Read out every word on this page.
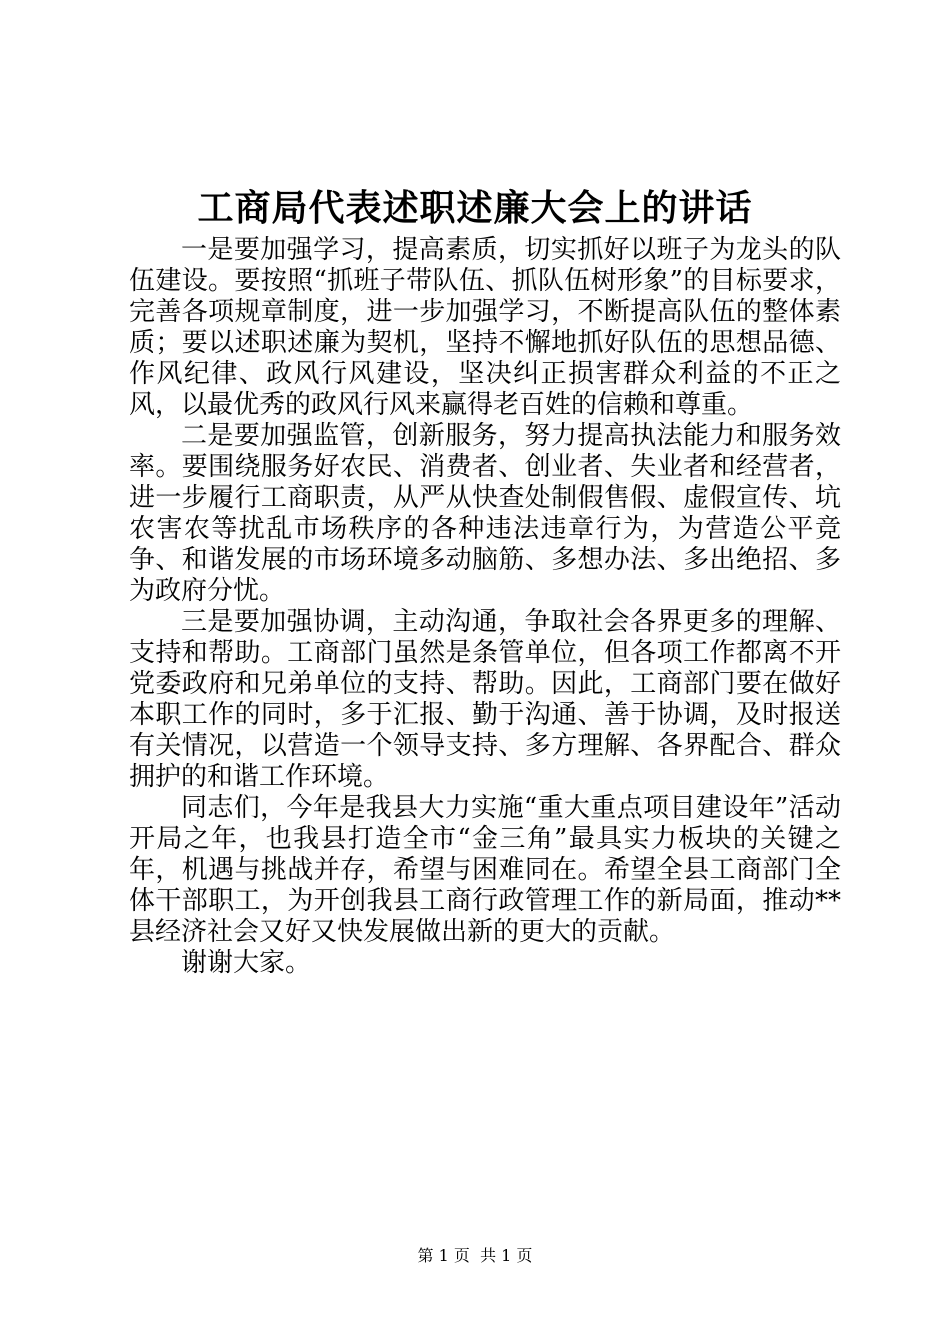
工商局代表述职述廉大会上的讲话

一是要加强学习，提高素质，切实抓好以班子为龙头的队伍建设。要按照“抓班子带队伍、抓队伍树形象”的目标要求，完善各项规章制度，进一步加强学习，不断提高队伍的整体素质；要以述职述廉为契机，坚持不懈地抓好队伍的思想品德、作风纪律、政风行风建设，坚决纠正损害群众利益的不正之风，以最优秀的政风行风来赢得老百姓的信赖和尊重。

二是要加强监管，创新服务，努力提高执法能力和服务效率。要围绕服务好农民、消费者、创业者、失业者和经营者，进一步履行工商职责，从严从快查处制假售假、虚假宣传、坑农害农等扰乱市场秩序的各种违法违章行为，为营造公平竞争、和谐发展的市场环境多动脑筋、多想办法、多出绝招、多为政府分忧。

三是要加强协调，主动沟通，争取社会各界更多的理解、支持和帮助。工商部门虽然是条管单位，但各项工作都离不开党委政府和兄弟单位的支持、帮助。因此，工商部门要在做好本职工作的同时，多于汇报、勤于沟通、善于协调，及时报送有关情况，以营造一个领导支持、多方理解、各界配合、群众拥护的和谐工作环境。

同志们，今年是我县大力实施“重大重点项目建设年”活动开局之年，也我县打造全市“金三角”最具实力板块的关键之年，机遇与挑战并存，希望与困难同在。希望全县工商部门全体干部职工，为开创我县工商行政管理工作的新局面，推动**县经济社会又好又快发展做出新的更大的贡献。

谢谢大家。

第 1 页  共 1 页
